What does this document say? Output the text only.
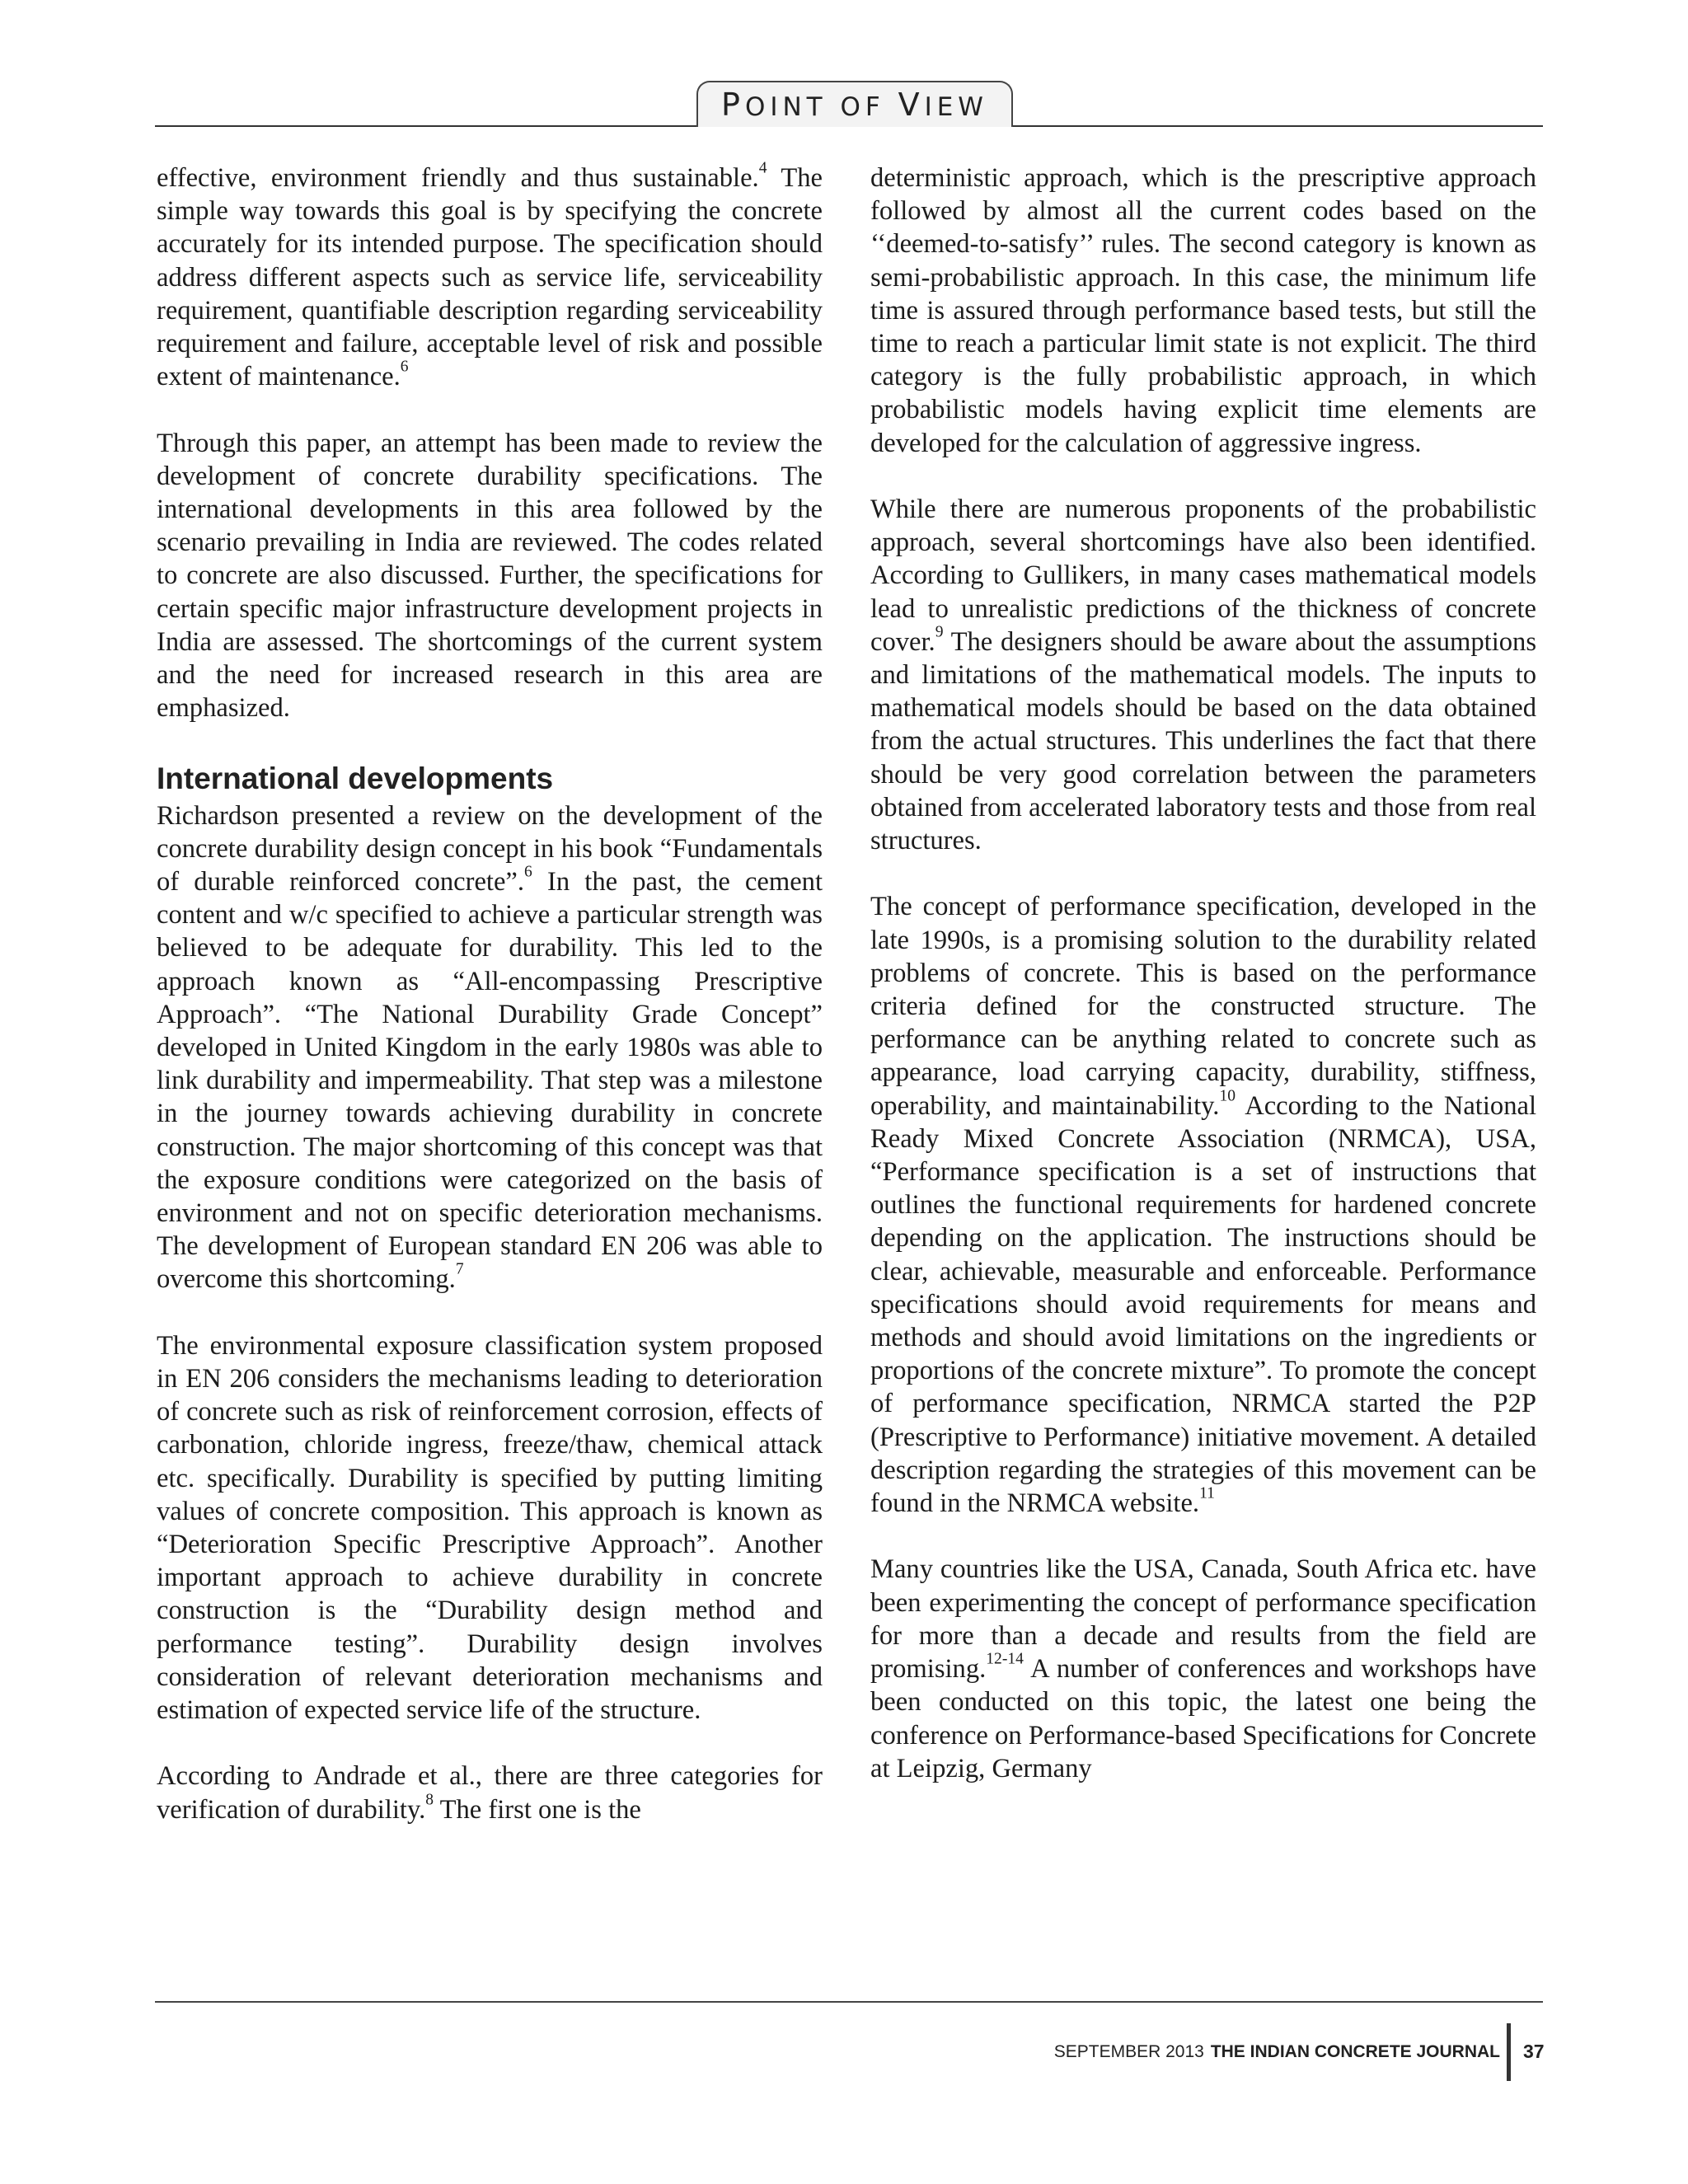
POINT OF VIEW

effective, environment friendly and thus sustainable.$^4$ The simple way towards this goal is by specifying the concrete accurately for its intended purpose. The specification should address different aspects such as service life, serviceability requirement, quantifiable description regarding serviceability requirement and failure, acceptable level of risk and possible extent of maintenance.$^6$

Through this paper, an attempt has been made to review the development of concrete durability specifications. The international developments in this area followed by the scenario prevailing in India are reviewed. The codes related to concrete are also discussed. Further, the specifications for certain specific major infrastructure development projects in India are assessed. The shortcomings of the current system and the need for increased research in this area are emphasized.

International developments

Richardson presented a review on the development of the concrete durability design concept in his book “Fundamentals of durable reinforced concrete”.$^6$ In the past, the cement content and w/c specified to achieve a particular strength was believed to be adequate for durability. This led to the approach known as “All-encompassing Prescriptive Approach”. “The National Durability Grade Concept” developed in United Kingdom in the early 1980s was able to link durability and impermeability. That step was a milestone in the journey towards achieving durability in concrete construction. The major shortcoming of this concept was that the exposure conditions were categorized on the basis of environment and not on specific deterioration mechanisms. The development of European standard EN 206 was able to overcome this shortcoming.$^7$

The environmental exposure classification system proposed in EN 206 considers the mechanisms leading to deterioration of concrete such as risk of reinforcement corrosion, effects of carbonation, chloride ingress, freeze/thaw, chemical attack etc. specifically. Durability is specified by putting limiting values of concrete composition. This approach is known as “Deterioration Specific Prescriptive Approach”. Another important approach to achieve durability in concrete construction is the “Durability design method and performance testing”. Durability design involves consideration of relevant deterioration mechanisms and estimation of expected service life of the structure.

According to Andrade et al., there are three categories for verification of durability.$^8$ The first one is the

deterministic approach, which is the prescriptive approach followed by almost all the current codes based on the ‘‘deemed-to-satisfy’’ rules. The second category is known as semi-probabilistic approach. In this case, the minimum life time is assured through performance based tests, but still the time to reach a particular limit state is not explicit. The third category is the fully probabilistic approach, in which probabilistic models having explicit time elements are developed for the calculation of aggressive ingress.

While there are numerous proponents of the probabilistic approach, several shortcomings have also been identified. According to Gullikers, in many cases mathematical models lead to unrealistic predictions of the thickness of concrete cover.$^9$ The designers should be aware about the assumptions and limitations of the mathematical models. The inputs to mathematical models should be based on the data obtained from the actual structures. This underlines the fact that there should be very good correlation between the parameters obtained from accelerated laboratory tests and those from real structures.

The concept of performance specification, developed in the late 1990s, is a promising solution to the durability related problems of concrete. This is based on the performance criteria defined for the constructed structure. The performance can be anything related to concrete such as appearance, load carrying capacity, durability, stiffness, operability, and maintainability.$^{10}$ According to the National Ready Mixed Concrete Association (NRMCA), USA, “Performance specification is a set of instructions that outlines the functional requirements for hardened concrete depending on the application. The instructions should be clear, achievable, measurable and enforceable. Performance specifications should avoid requirements for means and methods and should avoid limitations on the ingredients or proportions of the concrete mixture”. To promote the concept of performance specification, NRMCA started the P2P (Prescriptive to Performance) initiative movement. A detailed description regarding the strategies of this movement can be found in the NRMCA website.$^{11}$

Many countries like the USA, Canada, South Africa etc. have been experimenting the concept of performance specification for more than a decade and results from the field are promising.$^{12-14}$ A number of conferences and workshops have been conducted on this topic, the latest one being the conference on Performance-based Specifications for Concrete at Leipzig, Germany

SEPTEMBER 2013 THE INDIAN CONCRETE JOURNAL 37
